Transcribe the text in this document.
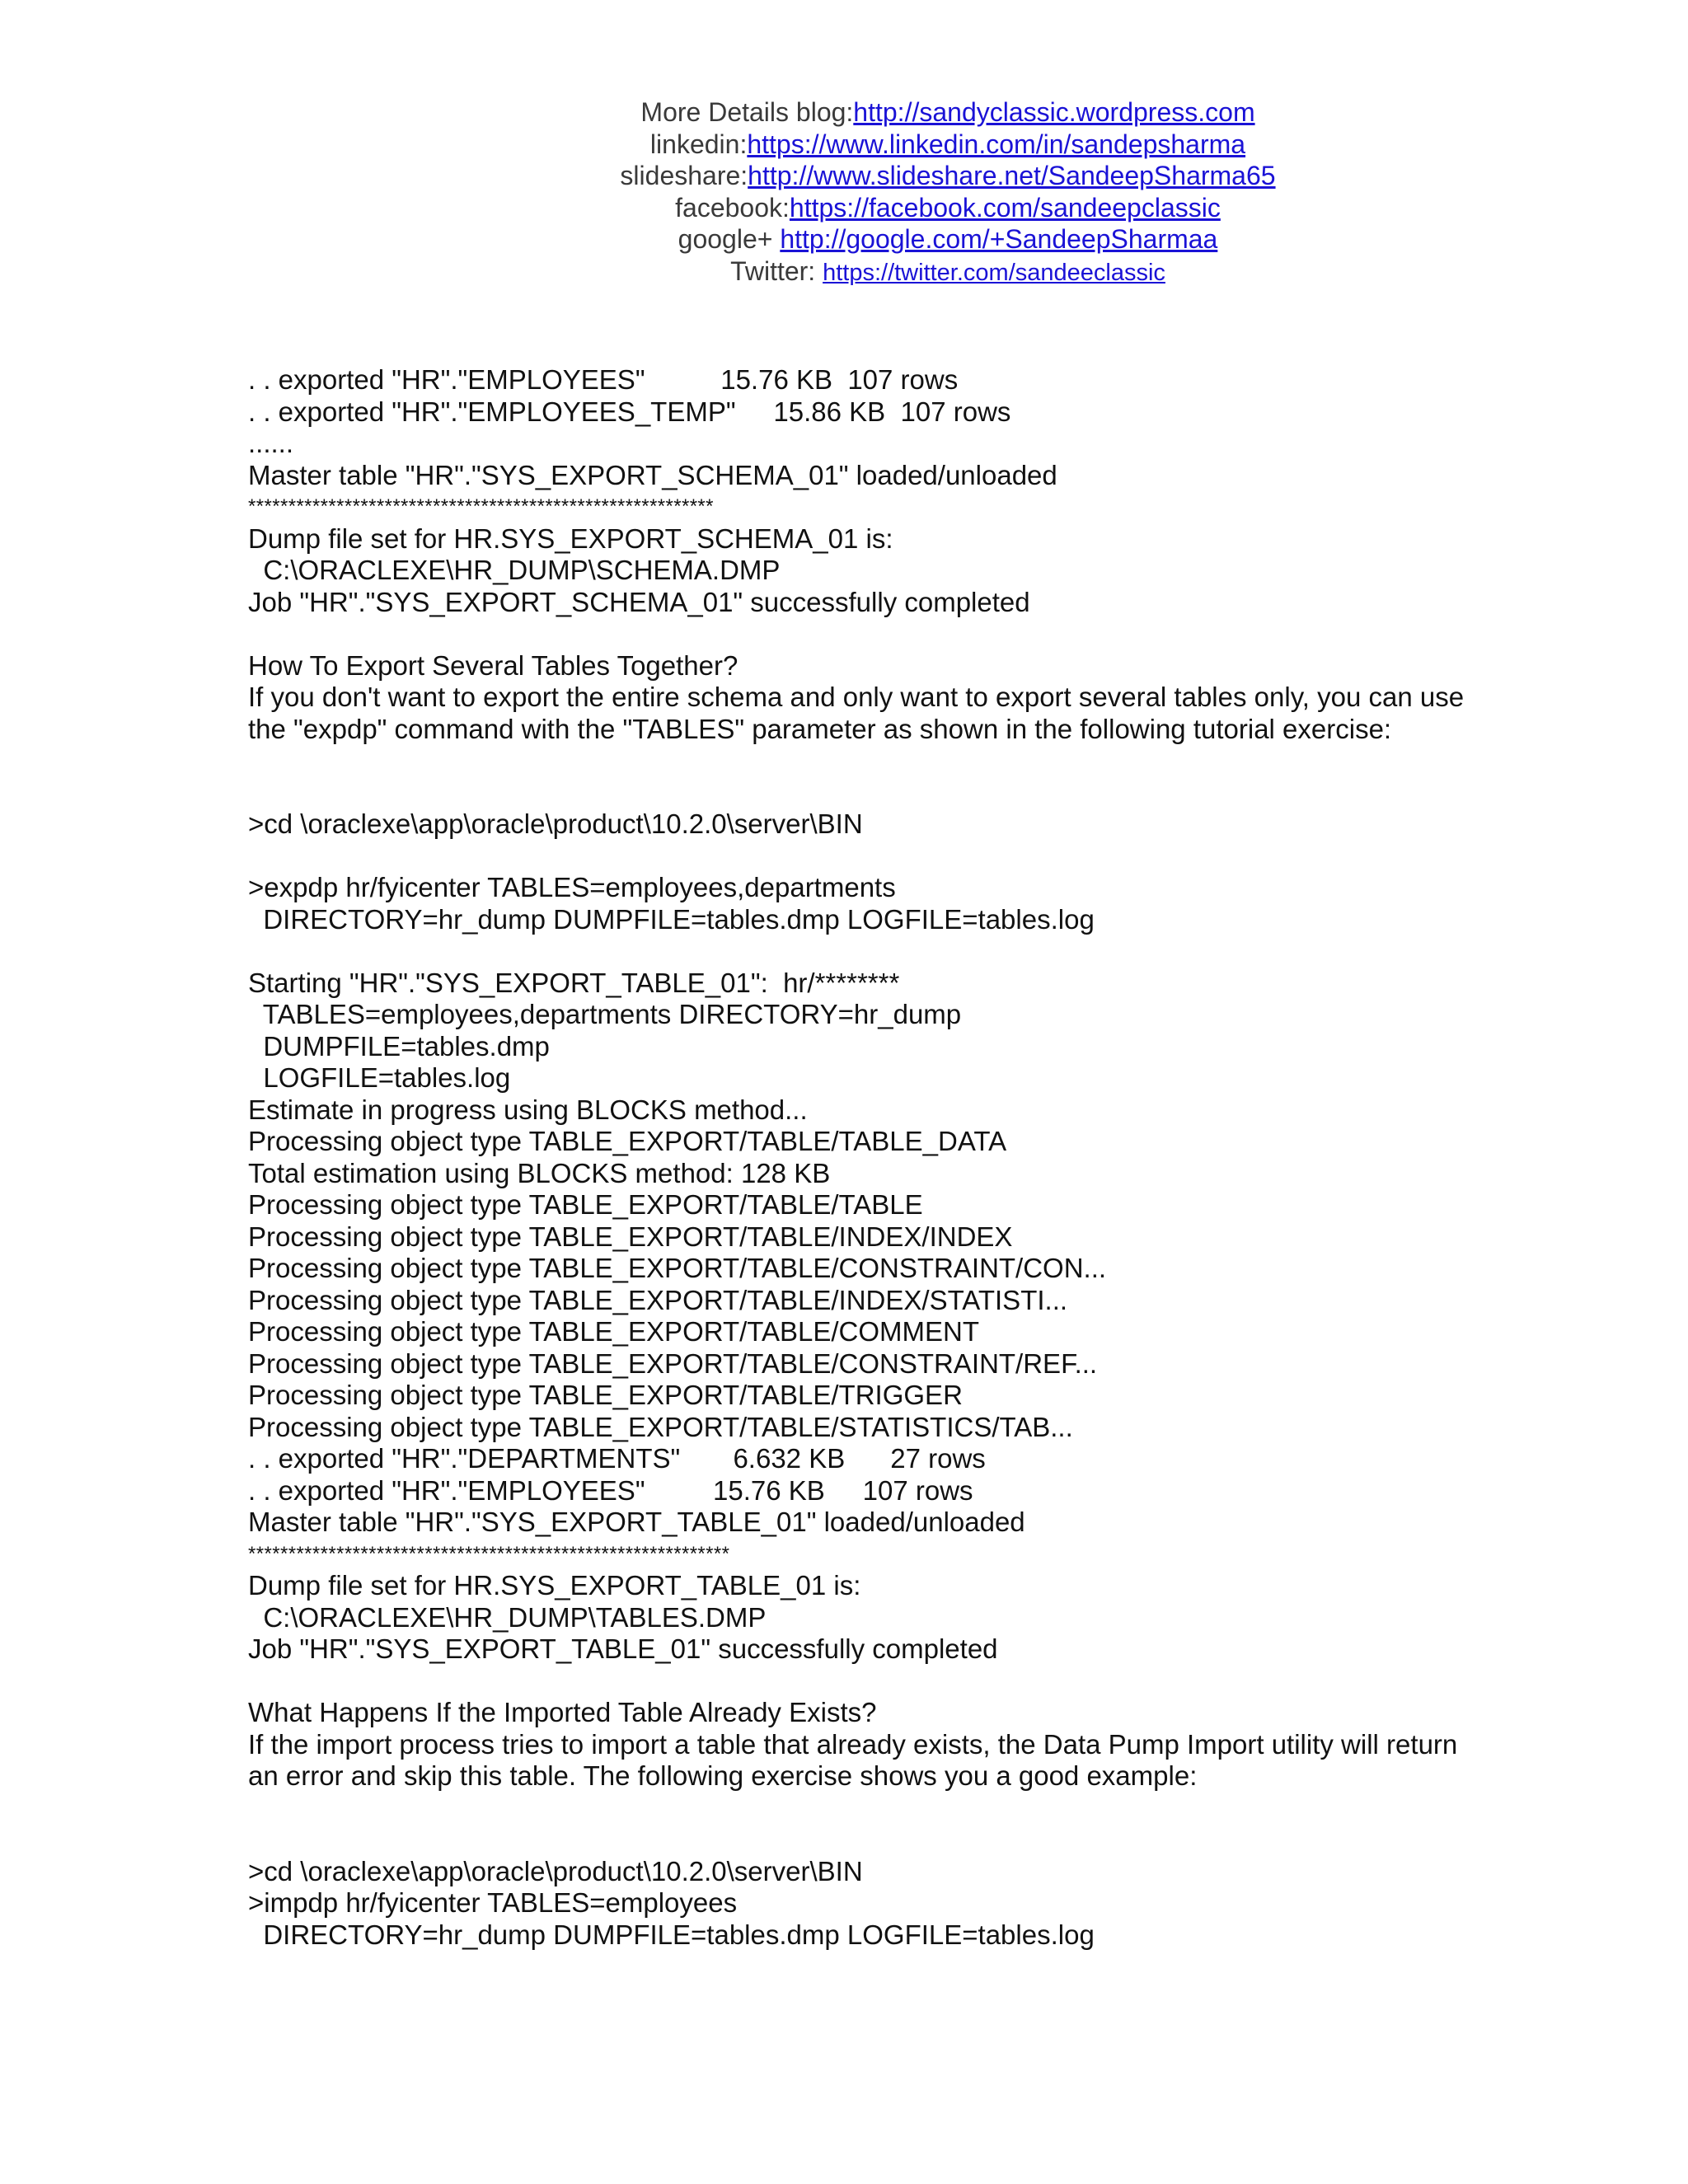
More Details blog:http://sandyclassic.wordpress.com

linkedin:https://www.linkedin.com/in/sandepsharma

slideshare:http://www.slideshare.net/SandeepSharma65

facebook:https://facebook.com/sandeepclassic

google+ http://google.com/+SandeepSharmaa

Twitter: https://twitter.com/sandeeclassic

. . exported "HR"."EMPLOYEES"          15.76 KB  107 rows

. . exported "HR"."EMPLOYEES_TEMP"     15.86 KB  107 rows

......

Master table "HR"."SYS_EXPORT_SCHEMA_01" loaded/unloaded

**********************************************************

Dump file set for HR.SYS_EXPORT_SCHEMA_01 is:

C:\ORACLEXE\HR_DUMP\SCHEMA.DMP

Job "HR"."SYS_EXPORT_SCHEMA_01" successfully completed

How To Export Several Tables Together?

If you don't want to export the entire schema and only want to export several tables only, you can use the "expdp" command with the "TABLES" parameter as shown in the following tutorial exercise:

>cd \oraclexe\app\oracle\product\10.2.0\server\BIN

>expdp hr/fyicenter TABLES=employees,departments

DIRECTORY=hr_dump DUMPFILE=tables.dmp LOGFILE=tables.log

Starting "HR"."SYS_EXPORT_TABLE_01":  hr/********

TABLES=employees,departments DIRECTORY=hr_dump

DUMPFILE=tables.dmp

LOGFILE=tables.log

Estimate in progress using BLOCKS method...

Processing object type TABLE_EXPORT/TABLE/TABLE_DATA

Total estimation using BLOCKS method: 128 KB

Processing object type TABLE_EXPORT/TABLE/TABLE

Processing object type TABLE_EXPORT/TABLE/INDEX/INDEX

Processing object type TABLE_EXPORT/TABLE/CONSTRAINT/CON...

Processing object type TABLE_EXPORT/TABLE/INDEX/STATISTI...

Processing object type TABLE_EXPORT/TABLE/COMMENT

Processing object type TABLE_EXPORT/TABLE/CONSTRAINT/REF...

Processing object type TABLE_EXPORT/TABLE/TRIGGER

Processing object type TABLE_EXPORT/TABLE/STATISTICS/TAB...

. . exported "HR"."DEPARTMENTS"       6.632 KB      27 rows

. . exported "HR"."EMPLOYEES"         15.76 KB     107 rows

Master table "HR"."SYS_EXPORT_TABLE_01" loaded/unloaded

************************************************************

Dump file set for HR.SYS_EXPORT_TABLE_01 is:

C:\ORACLEXE\HR_DUMP\TABLES.DMP

Job "HR"."SYS_EXPORT_TABLE_01" successfully completed

What Happens If the Imported Table Already Exists?

If the import process tries to import a table that already exists, the Data Pump Import utility will return an error and skip this table. The following exercise shows you a good example:

>cd \oraclexe\app\oracle\product\10.2.0\server\BIN

>impdp hr/fyicenter TABLES=employees

DIRECTORY=hr_dump DUMPFILE=tables.dmp LOGFILE=tables.log
